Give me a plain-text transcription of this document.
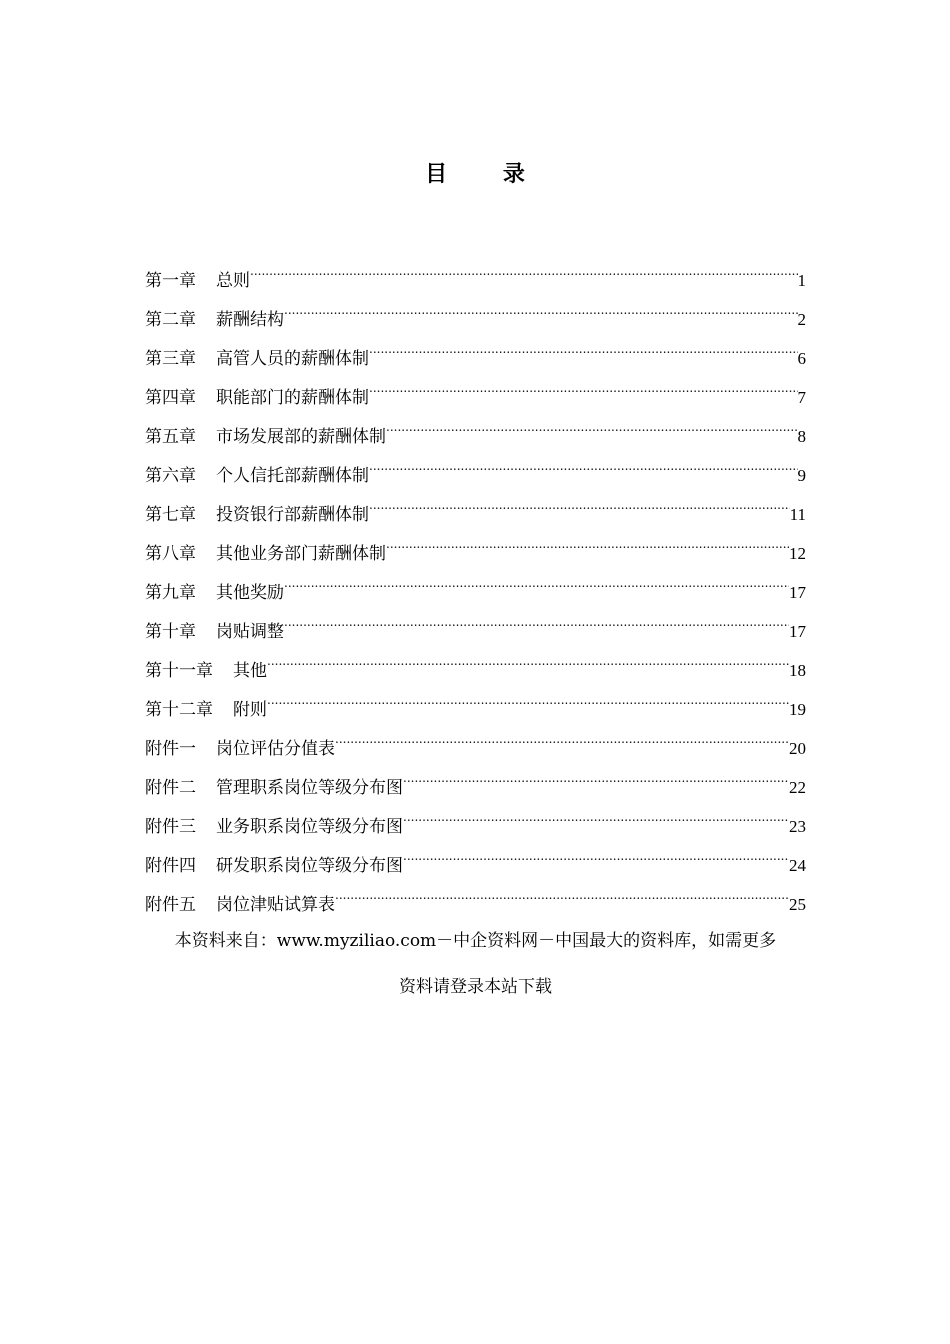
目 录
第一章 总则 .....	1
第二章 薪酬结构 .....	2
第三章 高管人员的薪酬体制 .....	6
第四章 职能部门的薪酬体制 .....	7
第五章 市场发展部的薪酬体制 .....	8
第六章 个人信托部薪酬体制 .....	9
第七章 投资银行部薪酬体制 .....	11
第八章 其他业务部门薪酬体制 .....	12
第九章 其他奖励 .....	17
第十章 岗贴调整 .....	17
第十一章 其他 .....	18
第十二章 附则 .....	19
附件一 岗位评估分值表 .....	20
附件二 管理职系岗位等级分布图 .....	22
附件三 业务职系岗位等级分布图 .....	23
附件四 研发职系岗位等级分布图 .....	24
附件五 岗位津贴试算表 .....	25
本资料来自：www.myziliao.com－中企资料网－中国最大的资料库，如需更多
资料请登录本站下载
